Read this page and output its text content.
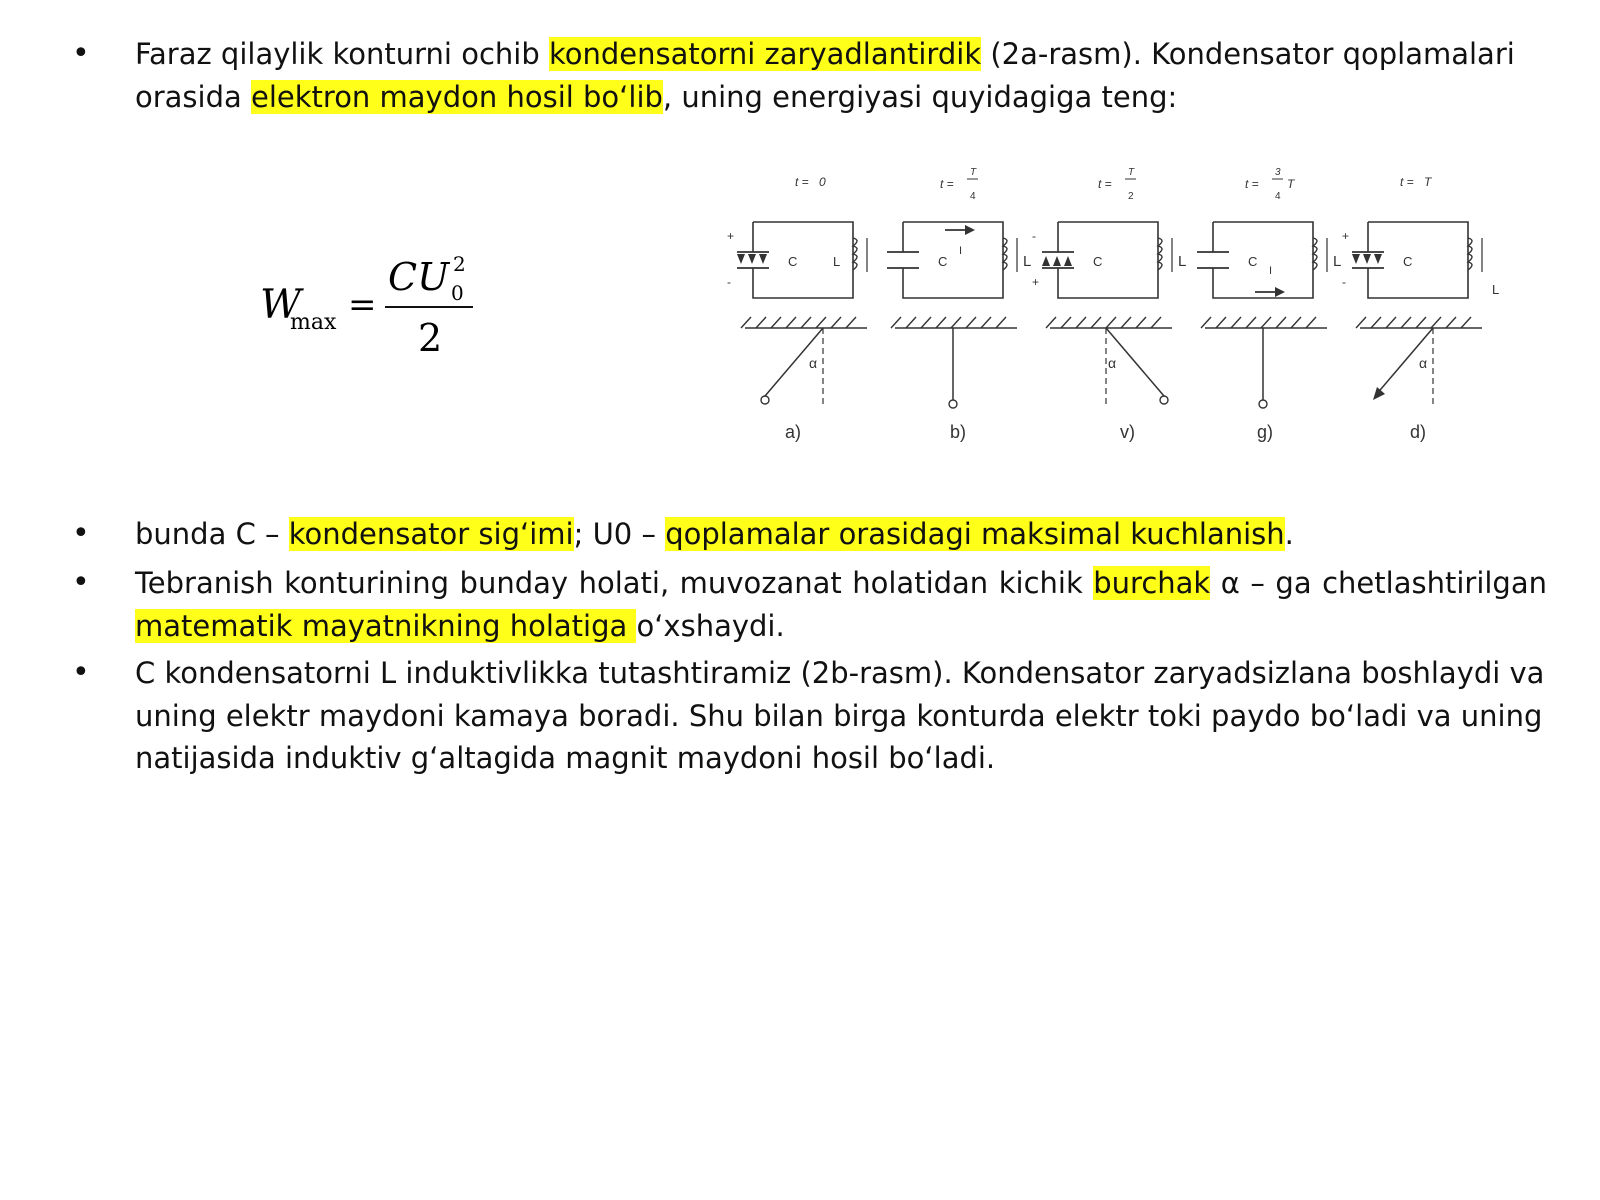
•	Faraz qilaylik konturni ochib kondensatorni zaryadlantirdik (2a-rasm). Kondensator qoplamalari orasida elektron maydon hosil bo‘lib, uning energiyasi quyidagiga teng:
W
max =
CU 2
0
2
t = 0
+
-
C	L
α
a)
t =
T
4
C	L
I
b)
t =
T
2
-
+
C	L
α
v)
t =
3
4
T
C	L
I
g)
t = T
+
-
C
L
α
d)
•	bunda C – kondensator sig‘imi; U0 – qoplamalar orasidagi maksimal kuchlanish.
•	Tebranish konturining bunday holati, muvozanat holatidan kichik burchak α – ga chetlashtirilgan matematik mayatnikning holatiga o‘xshaydi.
•	C kondensatorni L induktivlikka tutashtiramiz (2b-rasm). Kondensator zaryadsizlana boshlaydi va uning elektr maydoni kamaya boradi. Shu bilan birga konturda elektr toki paydo bo‘ladi va uning natijasida induktiv g‘altagida magnit maydoni hosil bo‘ladi.
